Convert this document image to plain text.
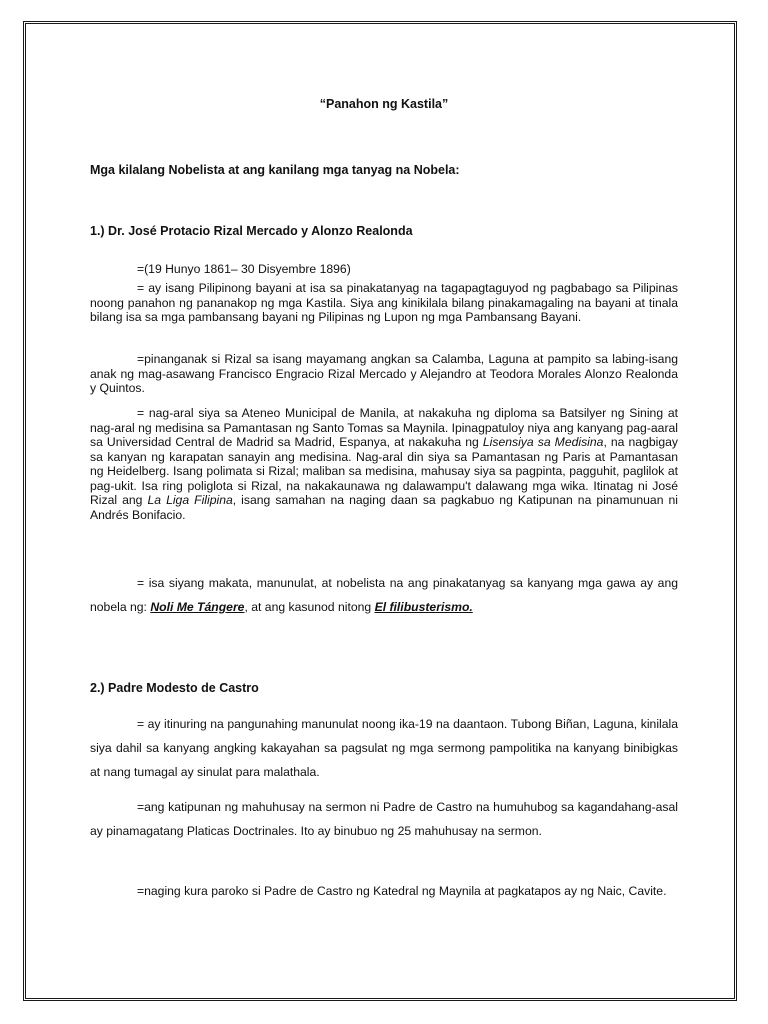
“Panahon ng Kastila”
Mga kilalang Nobelista at ang kanilang mga tanyag na Nobela:
1.) Dr. José Protacio Rizal Mercado y Alonzo Realonda

=(19 Hunyo 1861– 30 Disyembre 1896)

= ay isang Pilipinong bayani at isa sa pinakatanyag na tagapagtaguyod ng pagbabago sa Pilipinas noong panahon ng pananakop ng mga Kastila. Siya ang kinikilala bilang pinakamagaling na bayani at tinala bilang isa sa mga pambansang bayani ng Pilipinas ng Lupon ng mga Pambansang Bayani.

=pinanganak si Rizal sa isang mayamang angkan sa Calamba, Laguna at pampito sa labing-isang anak ng mag-asawang Francisco Engracio Rizal Mercado y Alejandro at Teodora Morales Alonzo Realonda y Quintos.

= nag-aral siya sa Ateneo Municipal de Manila, at nakakuha ng diploma sa Batsilyer ng Sining at nag-aral ng medisina sa Pamantasan ng Santo Tomas sa Maynila. Ipinagpatuloy niya ang kanyang pag-aaral sa Universidad Central de Madrid sa Madrid, Espanya, at nakakuha ng Lisensiya sa Medisina, na nagbigay sa kanyan ng karapatan sanayin ang medisina. Nag-aral din siya sa Pamantasan ng Paris at Pamantasan ng Heidelberg. Isang polimata si Rizal; maliban sa medisina, mahusay siya sa pagpinta, pagguhit, paglilok at pag-ukit. Isa ring poliglota si Rizal, na nakakaunawa ng dalawampu't dalawang mga wika. Itinatag ni José Rizal ang La Liga Filipina, isang samahan na naging daan sa pagkabuo ng Katipunan na pinamunuan ni Andrés Bonifacio.

= isa siyang makata, manunulat, at nobelista na ang pinakatanyag sa kanyang mga gawa ay ang nobela ng: Noli Me Tángere, at ang kasunod nitong El filibusterismo.

2.) Padre Modesto de Castro

= ay itinuring na pangunahing manunulat noong ika-19 na daantaon. Tubong Biñan, Laguna, kinilala siya dahil sa kanyang angking kakayahan sa pagsulat ng mga sermong pampolitika na kanyang binibigkas at nang tumagal ay sinulat para malathala.

=ang katipunan ng mahuhusay na sermon ni Padre de Castro na humuhubog sa kagandahang-asal ay pinamagatang Platicas Doctrinales. Ito ay binubuo ng 25 mahuhusay na sermon.

=naging kura paroko si Padre de Castro ng Katedral ng Maynila at pagkatapos ay ng Naic, Cavite.
